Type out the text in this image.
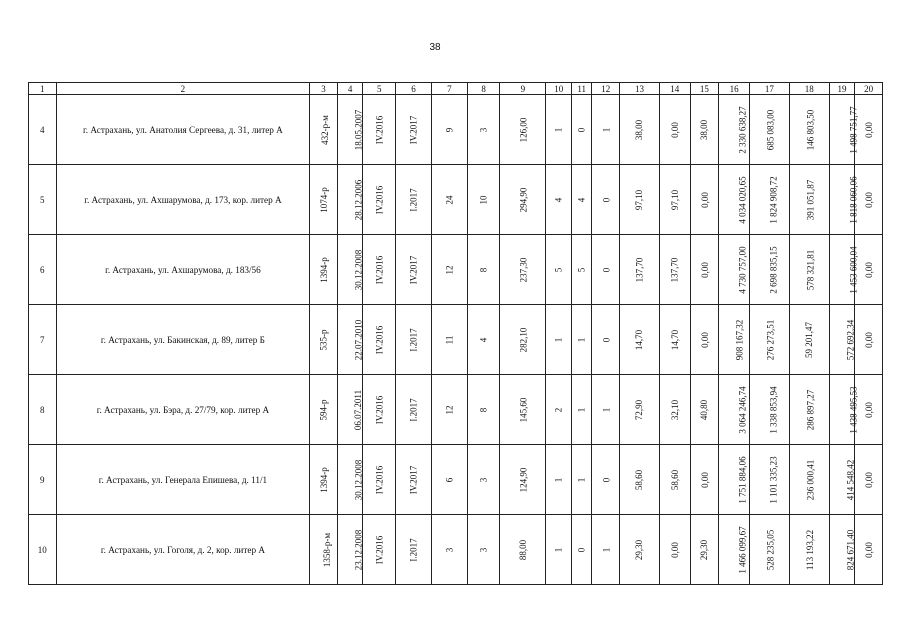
38
1	2	3	4	5	6	7	8	9	10	11	12	13	14	15	16	17	18	19	20
4	г. Астрахань, ул. Анатолия Сергеева, д. 31, литер А	432-р-м	18.05.2007	IV.2016	IV.2017	9	3	126,00	1	0	1	38,00	0,00	38,00	2 330 638,27	685 083,00	146 803,50	1 498 751,77	0,00
5	г. Астрахань, ул. Ахшарумова, д. 173, кор. литер А	1074-р	28.12.2006	IV.2016	I.2017	24	10	294,90	4	4	0	97,10	97,10	0,00	4 034 020,65	1 824 908,72	391 051,87	1 818 060,06	0,00
6	г. Астрахань, ул. Ахшарумова, д. 183/56	1394-р	30.12.2008	IV.2016	IV.2017	12	8	237,30	5	5	0	137,70	137,70	0,00	4 730 757,00	2 698 835,15	578 321,81	1 453 600,04	0,00
7	г. Астрахань, ул. Бакинская, д. 89, литер Б	535-р	22.07.2010	IV.2016	I.2017	11	4	282,10	1	1	0	14,70	14,70	0,00	908 167,32	276 273,51	59 201,47	572 692,34	0,00
8	г. Астрахань, ул. Бэра, д. 27/79, кор. литер А	594-р	06.07.2011	IV.2016	I.2017	12	8	145,60	2	1	1	72,90	32,10	40,80	3 064 246,74	1 338 853,94	286 897,27	1 438 495,53	0,00
9	г. Астрахань, ул. Генерала Епишева, д. 11/1	1394-р	30.12.2008	IV.2016	IV.2017	6	3	124,90	1	1	0	58,60	58,60	0,00	1 751 884,06	1 101 335,23	236 000,41	414 548,42	0,00
10	г. Астрахань, ул. Гоголя, д. 2, кор. литер А	1358-р-м	23.12.2008	IV.2016	I.2017	3	3	88,00	1	0	1	29,30	0,00	29,30	1 466 099,67	528 235,05	113 193,22	824 671,40	0,00
